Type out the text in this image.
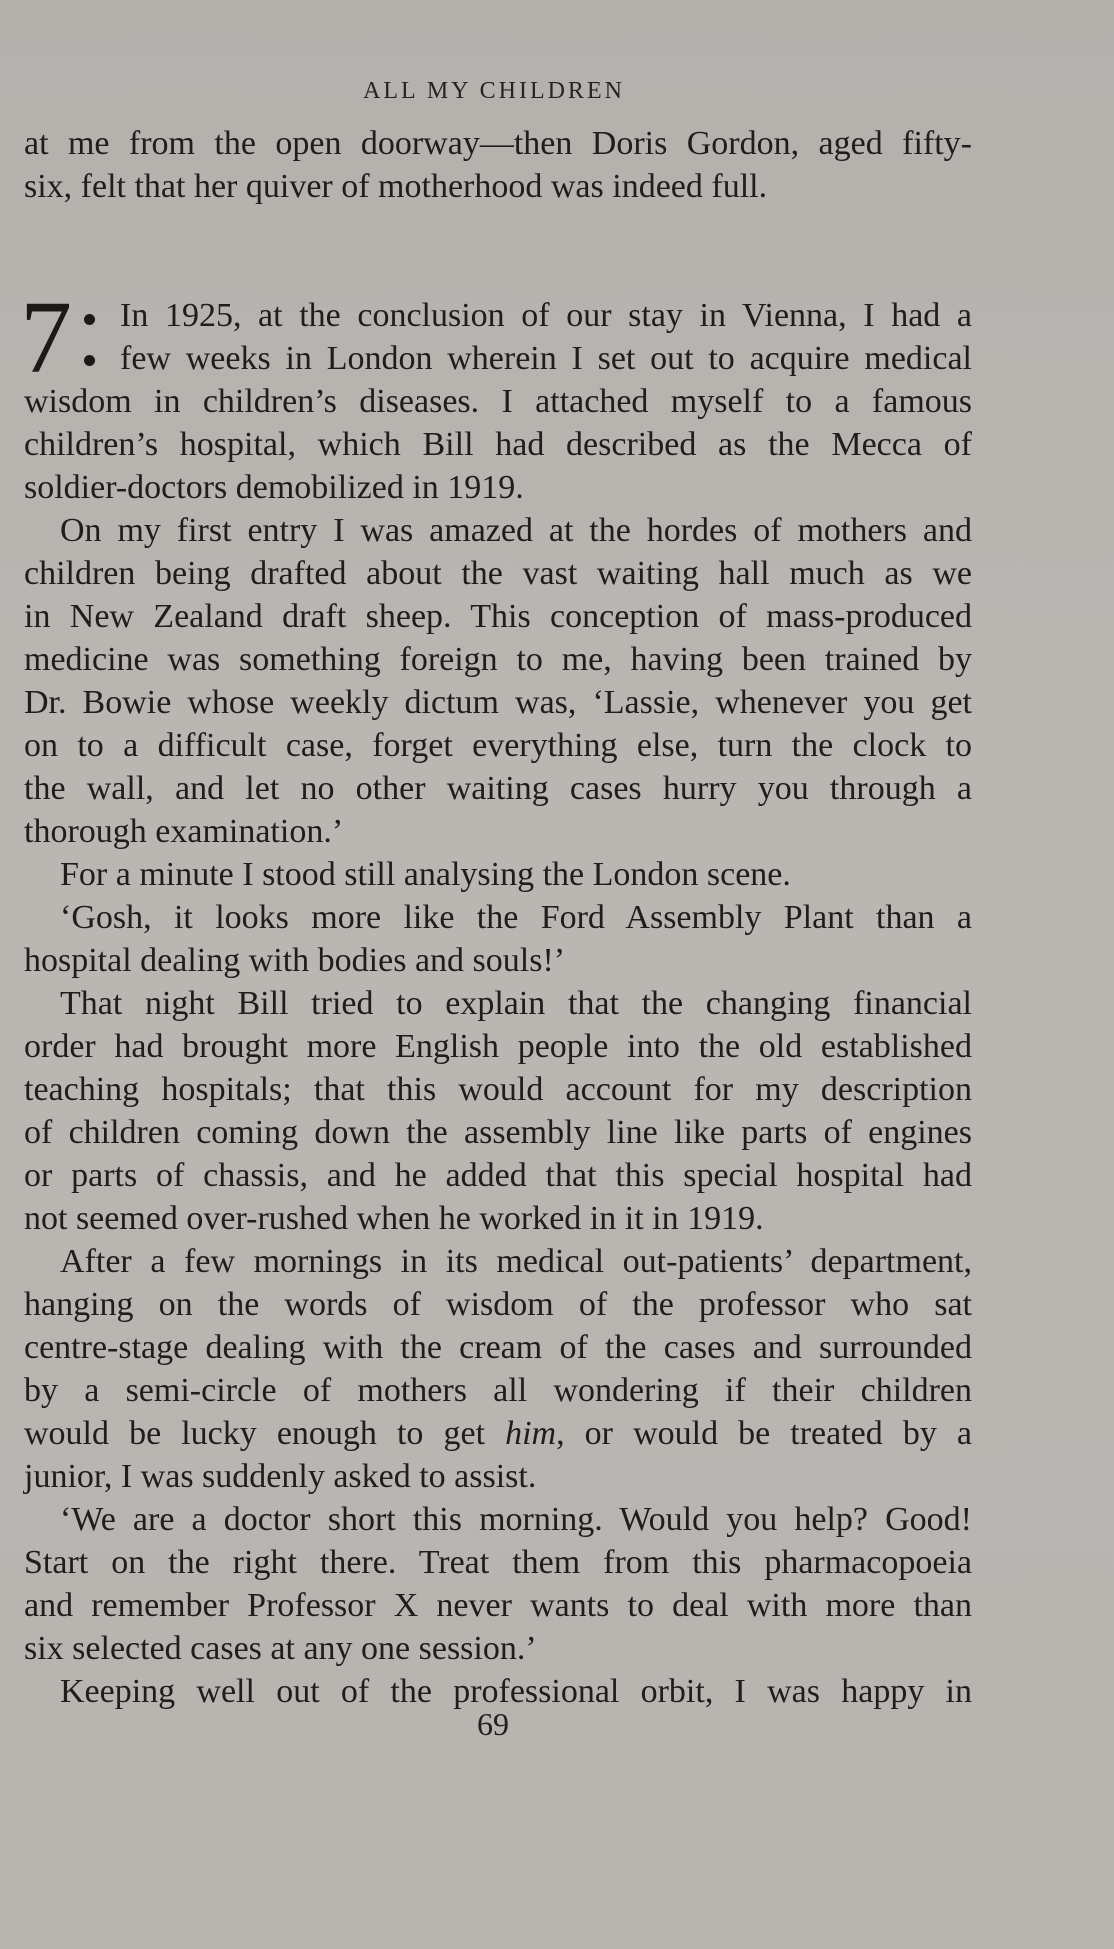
ALL MY CHILDREN
at me from the open doorway—then Doris Gordon, aged fifty-
six, felt that her quiver of motherhood was indeed full.
7 In 1925, at the conclusion of our stay in Vienna, I had a
few weeks in London wherein I set out to acquire medical
wisdom in children’s diseases. I attached myself to a famous
children’s hospital, which Bill had described as the Mecca of
soldier-doctors demobilized in 1919.
On my first entry I was amazed at the hordes of mothers and
children being drafted about the vast waiting hall much as we
in New Zealand draft sheep. This conception of mass-produced
medicine was something foreign to me, having been trained by
Dr. Bowie whose weekly dictum was, ‘Lassie, whenever you get
on to a difficult case, forget everything else, turn the clock to
the wall, and let no other waiting cases hurry you through a
thorough examination.’
For a minute I stood still analysing the London scene.
‘Gosh, it looks more like the Ford Assembly Plant than a
hospital dealing with bodies and souls!’
That night Bill tried to explain that the changing financial
order had brought more English people into the old established
teaching hospitals; that this would account for my description
of children coming down the assembly line like parts of engines
or parts of chassis, and he added that this special hospital had
not seemed over-rushed when he worked in it in 1919.
After a few mornings in its medical out-patients’ department,
hanging on the words of wisdom of the professor who sat
centre-stage dealing with the cream of the cases and surrounded
by a semi-circle of mothers all wondering if their children
would be lucky enough to get him, or would be treated by a
junior, I was suddenly asked to assist.
‘We are a doctor short this morning. Would you help? Good!
Start on the right there. Treat them from this pharmacopoeia
and remember Professor X never wants to deal with more than
six selected cases at any one session.’
Keeping well out of the professional orbit, I was happy in
69
